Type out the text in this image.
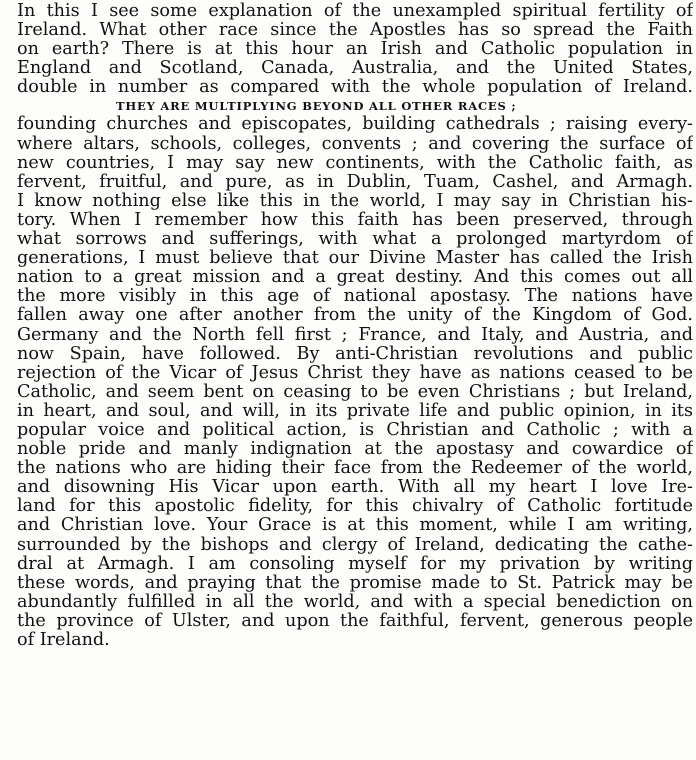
In this I see some explanation of the unexampled spiritual fertility of
Ireland. What other race since the Apostles has so spread the Faith
on earth? There is at this hour an Irish and Catholic population in
England and Scotland, Canada, Australia, and the United States,
double in number as compared with the whole population of Ireland.
THEY ARE MULTIPLYING BEYOND ALL OTHER RACES ;
founding churches and episcopates, building cathedrals ; raising every-
where altars, schools, colleges, convents ; and covering the surface of
new countries, I may say new continents, with the Catholic faith, as
fervent, fruitful, and pure, as in Dublin, Tuam, Cashel, and Armagh.
I know nothing else like this in the world, I may say in Christian his-
tory. When I remember how this faith has been preserved, through
what sorrows and sufferings, with what a prolonged martyrdom of
generations, I must believe that our Divine Master has called the Irish
nation to a great mission and a great destiny. And this comes out all
the more visibly in this age of national apostasy. The nations have
fallen away one after another from the unity of the Kingdom of God.
Germany and the North fell first ; France, and Italy, and Austria, and
now Spain, have followed. By anti-Christian revolutions and public
rejection of the Vicar of Jesus Christ they have as nations ceased to be
Catholic, and seem bent on ceasing to be even Christians ; but Ireland,
in heart, and soul, and will, in its private life and public opinion, in its
popular voice and political action, is Christian and Catholic ; with a
noble pride and manly indignation at the apostasy and cowardice of
the nations who are hiding their face from the Redeemer of the world,
and disowning His Vicar upon earth. With all my heart I love Ire-
land for this apostolic fidelity, for this chivalry of Catholic fortitude
and Christian love. Your Grace is at this moment, while I am writing,
surrounded by the bishops and clergy of Ireland, dedicating the cathe-
dral at Armagh. I am consoling myself for my privation by writing
these words, and praying that the promise made to St. Patrick may be
abundantly fulfilled in all the world, and with a special benediction on
the province of Ulster, and upon the faithful, fervent, generous people
of Ireland.
